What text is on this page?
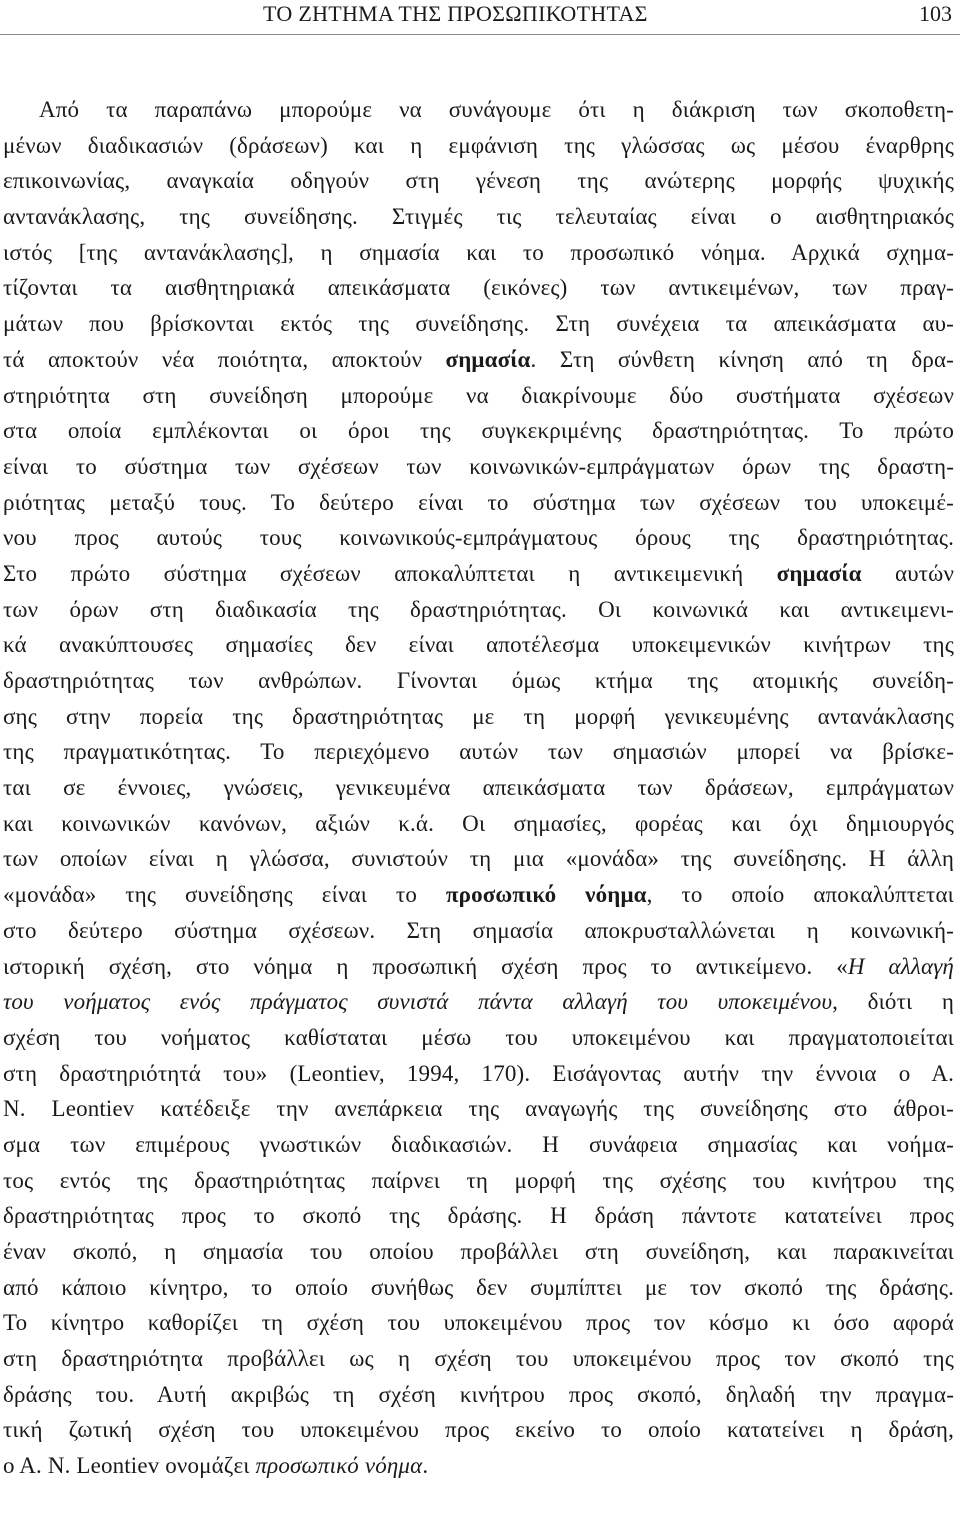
ΤΟ ΖΗΤΗΜΑ ΤΗΣ ΠΡΟΣΩΠΙΚΟΤΗΤΑΣ	103
Από τα παραπάνω μπορούμε να συνάγουμε ότι η διάκριση των σκοποθετη-
μένων διαδικασιών (δράσεων) και η εμφάνιση της γλώσσας ως μέσου έναρθρης
επικοινωνίας, αναγκαία οδηγούν στη γένεση της ανώτερης μορφής ψυχικής
αντανάκλασης, της συνείδησης. Στιγμές τις τελευταίας είναι ο αισθητηριακός
ιστός [της αντανάκλασης], η σημασία και το προσωπικό νόημα. Αρχικά σχημα-
τίζονται τα αισθητηριακά απεικάσματα (εικόνες) των αντικειμένων, των πραγ-
μάτων που βρίσκονται εκτός της συνείδησης. Στη συνέχεια τα απεικάσματα αυ-
τά αποκτούν νέα ποιότητα, αποκτούν σημασία. Στη σύνθετη κίνηση από τη δρα-
στηριότητα στη συνείδηση μπορούμε να διακρίνουμε δύο συστήματα σχέσεων
στα οποία εμπλέκονται οι όροι της συγκεκριμένης δραστηριότητας. Το πρώτο
είναι το σύστημα των σχέσεων των κοινωνικών-εμπράγματων όρων της δραστη-
ριότητας μεταξύ τους. Το δεύτερο είναι το σύστημα των σχέσεων του υποκειμέ-
νου προς αυτούς τους κοινωνικούς-εμπράγματους όρους της δραστηριότητας.
Στο πρώτο σύστημα σχέσεων αποκαλύπτεται η αντικειμενική σημασία αυτών
των όρων στη διαδικασία της δραστηριότητας. Οι κοινωνικά και αντικειμενι-
κά ανακύπτουσες σημασίες δεν είναι αποτέλεσμα υποκειμενικών κινήτρων της
δραστηριότητας των ανθρώπων. Γίνονται όμως κτήμα της ατομικής συνείδη-
σης στην πορεία της δραστηριότητας με τη μορφή γενικευμένης αντανάκλασης
της πραγματικότητας. Το περιεχόμενο αυτών των σημασιών μπορεί να βρίσκε-
ται σε έννοιες, γνώσεις, γενικευμένα απεικάσματα των δράσεων, εμπράγματων
και κοινωνικών κανόνων, αξιών κ.ά. Οι σημασίες, φορέας και όχι δημιουργός
των οποίων είναι η γλώσσα, συνιστούν τη μια «μονάδα» της συνείδησης. Η άλλη
«μονάδα» της συνείδησης είναι το προσωπικό νόημα, το οποίο αποκαλύπτεται
στο δεύτερο σύστημα σχέσεων. Στη σημασία αποκρυσταλλώνεται η κοινωνική-
ιστορική σχέση, στο νόημα η προσωπική σχέση προς το αντικείμενο. «Η αλλαγή
του νοήματος ενός πράγματος συνιστά πάντα αλλαγή του υποκειμένου, διότι η
σχέση του νοήματος καθίσταται μέσω του υποκειμένου και πραγματοποιείται
στη δραστηριότητά του» (Leontiev, 1994, 170). Εισάγοντας αυτήν την έννοια ο Α.
Ν. Leontiev κατέδειξε την ανεπάρκεια της αναγωγής της συνείδησης στο άθροι-
σμα των επιμέρους γνωστικών διαδικασιών. Η συνάφεια σημασίας και νοήμα-
τος εντός της δραστηριότητας παίρνει τη μορφή της σχέσης του κινήτρου της
δραστηριότητας προς το σκοπό της δράσης. Η δράση πάντοτε κατατείνει προς
έναν σκοπό, η σημασία του οποίου προβάλλει στη συνείδηση, και παρακινείται
από κάποιο κίνητρο, το οποίο συνήθως δεν συμπίπτει με τον σκοπό της δράσης.
Το κίνητρο καθορίζει τη σχέση του υποκειμένου προς τον κόσμο κι όσο αφορά
στη δραστηριότητα προβάλλει ως η σχέση του υποκειμένου προς τον σκοπό της
δράσης του. Αυτή ακριβώς τη σχέση κινήτρου προς σκοπό, δηλαδή την πραγμα-
τική ζωτική σχέση του υποκειμένου προς εκείνο το οποίο κατατείνει η δράση,
ο Α. Ν. Leontiev ονομάζει προσωπικό νόημα.
